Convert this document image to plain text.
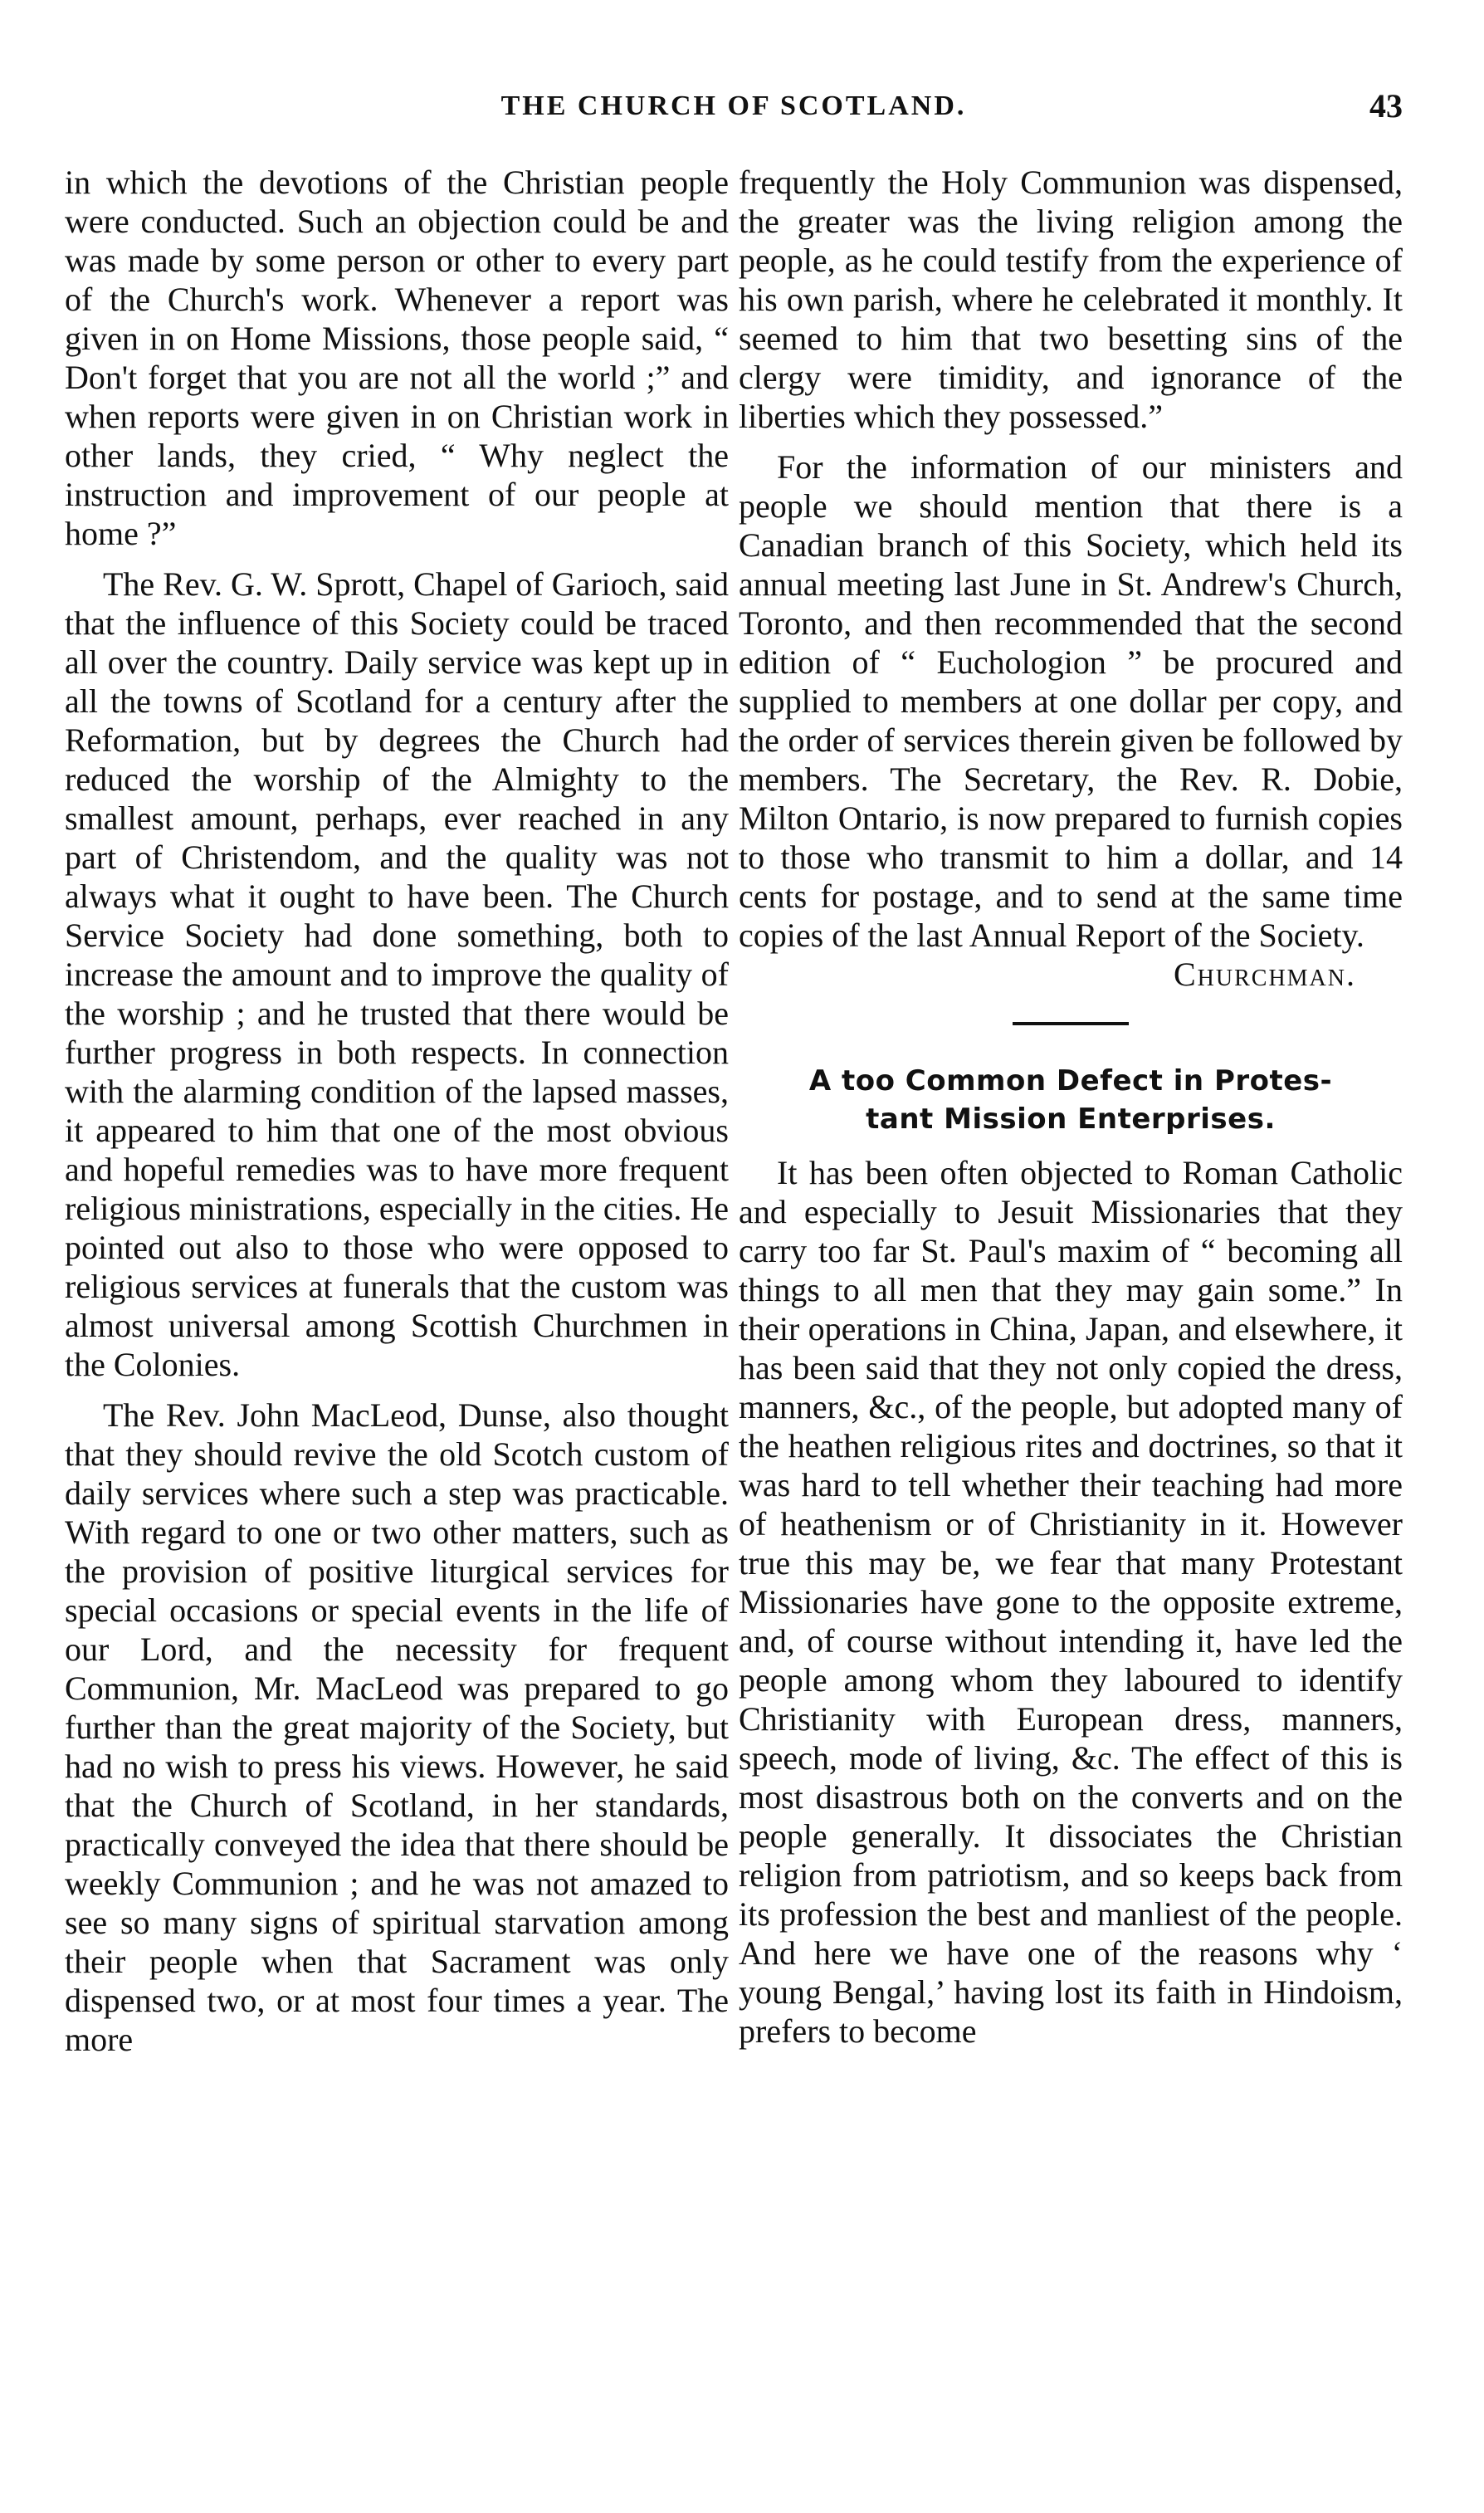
THE CHURCH OF SCOTLAND.	43

in which the devotions of the Christian people were conducted. Such an objection could be and was made by some person or other to every part of the Church's work. Whenever a report was given in on Home Missions, those people said, “ Don't forget that you are not all the world ;” and when reports were given in on Christian work in other lands, they cried, “ Why neglect the instruction and improvement of our people at home ?”

The Rev. G. W. Sprott, Chapel of Garioch, said that the influence of this Society could be traced all over the country. Daily service was kept up in all the towns of Scotland for a century after the Reformation, but by degrees the Church had reduced the worship of the Almighty to the smallest amount, perhaps, ever reached in any part of Christendom, and the quality was not always what it ought to have been. The Church Service Society had done something, both to increase the amount and to improve the quality of the worship ; and he trusted that there would be further progress in both respects. In connection with the alarming condition of the lapsed masses, it appeared to him that one of the most obvious and hopeful remedies was to have more frequent religious ministrations, especially in the cities. He pointed out also to those who were opposed to religious services at funerals that the custom was almost universal among Scottish Churchmen in the Colonies.

The Rev. John MacLeod, Dunse, also thought that they should revive the old Scotch custom of daily services where such a step was practicable. With regard to one or two other matters, such as the provision of positive liturgical services for special occasions or special events in the life of our Lord, and the necessity for frequent Communion, Mr. MacLeod was prepared to go further than the great majority of the Society, but had no wish to press his views. However, he said that the Church of Scotland, in her standards, practically conveyed the idea that there should be weekly Communion ; and he was not amazed to see so many signs of spiritual starvation among their people when that Sacrament was only dispensed two, or at most four times a year. The more

frequently the Holy Communion was dispensed, the greater was the living religion among the people, as he could testify from the experience of his own parish, where he celebrated it monthly. It seemed to him that two besetting sins of the clergy were timidity, and ignorance of the liberties which they possessed.”

For the information of our ministers and people we should mention that there is a Canadian branch of this Society, which held its annual meeting last June in St. Andrew's Church, Toronto, and then recommended that the second edition of “ Euchologion ” be procured and supplied to members at one dollar per copy, and the order of services therein given be followed by members. The Secretary, the Rev. R. Dobie, Milton Ontario, is now prepared to furnish copies to those who transmit to him a dollar, and 14 cents for postage, and to send at the same time copies of the last Annual Report of the Society.

Churchman.

A too Common Defect in Protes-
tant Mission Enterprises.

It has been often objected to Roman Catholic and especially to Jesuit Missionaries that they carry too far St. Paul's maxim of “ becoming all things to all men that they may gain some.” In their operations in China, Japan, and elsewhere, it has been said that they not only copied the dress, manners, &c., of the people, but adopted many of the heathen religious rites and doctrines, so that it was hard to tell whether their teaching had more of heathenism or of Christianity in it. However true this may be, we fear that many Protestant Missionaries have gone to the opposite extreme, and, of course without intending it, have led the people among whom they laboured to identify Christianity with European dress, manners, speech, mode of living, &c. The effect of this is most disastrous both on the converts and on the people generally. It dissociates the Christian religion from patriotism, and so keeps back from its profession the best and manliest of the people. And here we have one of the reasons why ‘ young Bengal,’ having lost its faith in Hindoism, prefers to become
